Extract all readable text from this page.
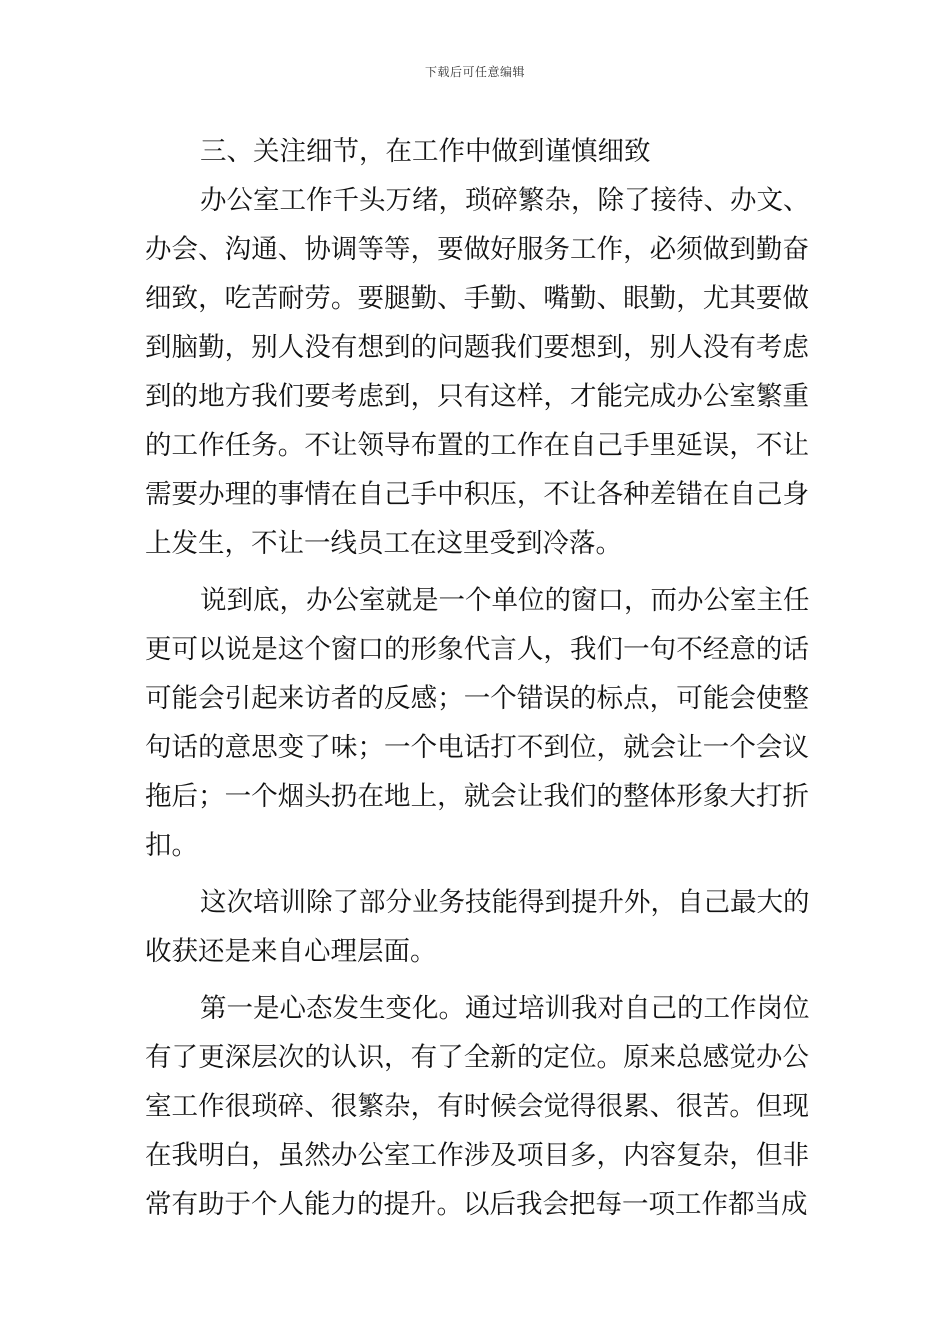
下载后可任意编辑
三、关注细节，在工作中做到谨慎细致
办公室工作千头万绪，琐碎繁杂，除了接待、办文、
办会、沟通、协调等等，要做好服务工作，必须做到勤奋
细致，吃苦耐劳。要腿勤、手勤、嘴勤、眼勤，尤其要做
到脑勤，别人没有想到的问题我们要想到，别人没有考虑
到的地方我们要考虑到，只有这样，才能完成办公室繁重
的工作任务。不让领导布置的工作在自己手里延误，不让
需要办理的事情在自己手中积压，不让各种差错在自己身
上发生，不让一线员工在这里受到冷落。
说到底，办公室就是一个单位的窗口，而办公室主任
更可以说是这个窗口的形象代言人，我们一句不经意的话
可能会引起来访者的反感；一个错误的标点，可能会使整
句话的意思变了味；一个电话打不到位，就会让一个会议
拖后；一个烟头扔在地上，就会让我们的整体形象大打折
扣。
这次培训除了部分业务技能得到提升外，自己最大的
收获还是来自心理层面。
第一是心态发生变化。通过培训我对自己的工作岗位
有了更深层次的认识，有了全新的定位。原来总感觉办公
室工作很琐碎、很繁杂，有时候会觉得很累、很苦。但现
在我明白，虽然办公室工作涉及项目多，内容复杂，但非
常有助于个人能力的提升。以后我会把每一项工作都当成
